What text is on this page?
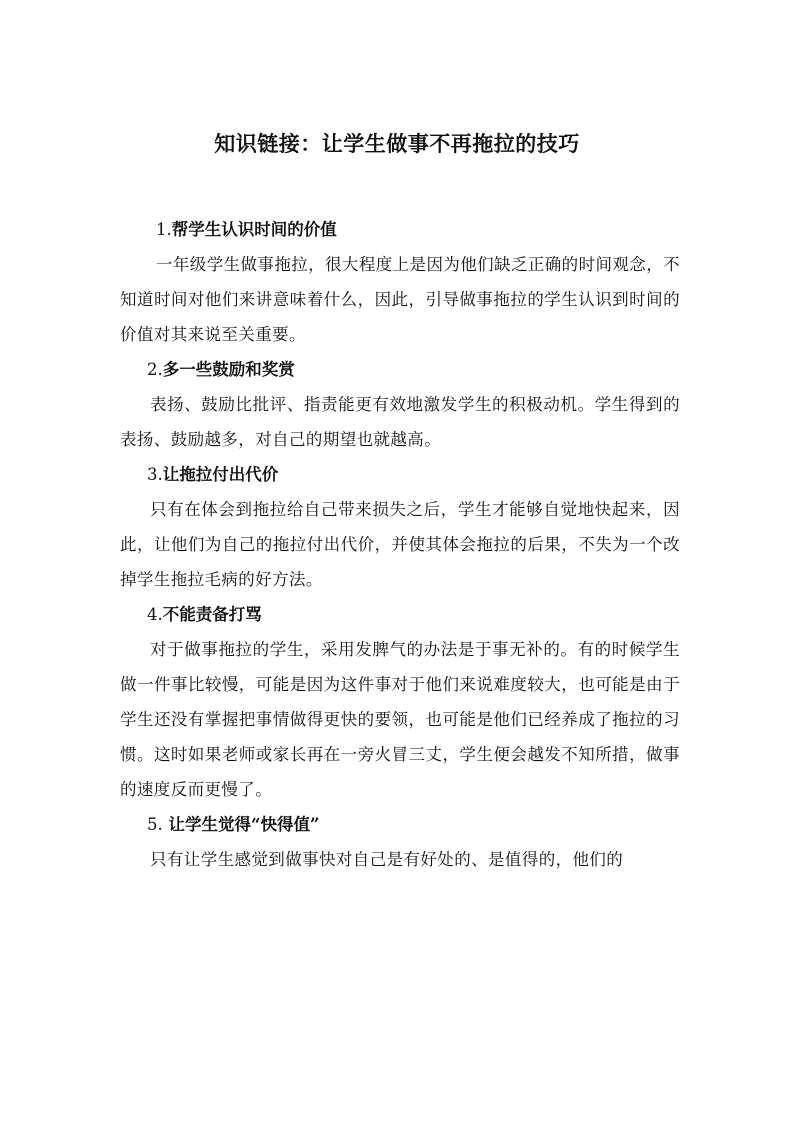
知识链接：让学生做事不再拖拉的技巧

1.帮学生认识时间的价值

一年级学生做事拖拉，很大程度上是因为他们缺乏正确的时间观念，不知道时间对他们来讲意味着什么，因此，引导做事拖拉的学生认识到时间的价值对其来说至关重要。

2.多一些鼓励和奖赏

表扬、鼓励比批评、指责能更有效地激发学生的积极动机。学生得到的表扬、鼓励越多，对自己的期望也就越高。

3.让拖拉付出代价

只有在体会到拖拉给自己带来损失之后，学生才能够自觉地快起来，因此，让他们为自己的拖拉付出代价，并使其体会拖拉的后果，不失为一个改掉学生拖拉毛病的好方法。

4.不能责备打骂

对于做事拖拉的学生，采用发脾气的办法是于事无补的。有的时候学生做一件事比较慢，可能是因为这件事对于他们来说难度较大，也可能是由于学生还没有掌握把事情做得更快的要领，也可能是他们已经养成了拖拉的习惯。这时如果老师或家长再在一旁火冒三丈，学生便会越发不知所措，做事的速度反而更慢了。

5. 让学生觉得“快得值”

只有让学生感觉到做事快对自己是有好处的、是值得的，他们的
